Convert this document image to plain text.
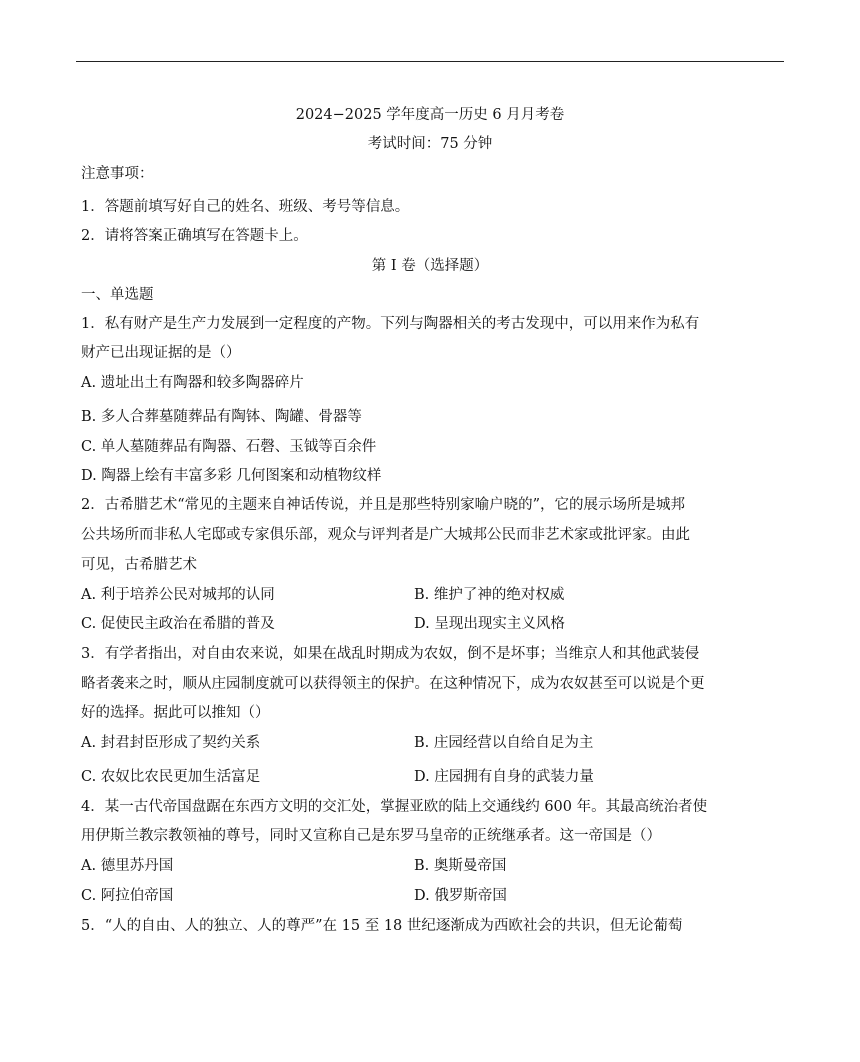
2024−2025 学年度高一历史 6 月月考卷
考试时间：75 分钟
注意事项：
1．答题前填写好自己的姓名、班级、考号等信息。
2．请将答案正确填写在答题卡上。
第 I 卷（选择题）
一、单选题
1．私有财产是生产力发展到一定程度的产物。下列与陶器相关的考古发现中，可以用来作为私有
财产已出现证据的是（）
A. 遗址出土有陶器和较多陶器碎片
B. 多人合葬墓随葬品有陶钵、陶罐、骨器等
C. 单人墓随葬品有陶器、石磬、玉钺等百余件
D. 陶器上绘有丰富多彩 几何图案和动植物纹样
2．古希腊艺术“常见的主题来自神话传说，并且是那些特别家喻户晓的”，它的展示场所是城邦
公共场所而非私人宅邸或专家俱乐部，观众与评判者是广大城邦公民而非艺术家或批评家。由此
可见，古希腊艺术
A. 利于培养公民对城邦的认同	B. 维护了神的绝对权威
C. 促使民主政治在希腊的普及	D. 呈现出现实主义风格
3．有学者指出，对自由农来说，如果在战乱时期成为农奴，倒不是坏事；当维京人和其他武装侵
略者袭来之时，顺从庄园制度就可以获得领主的保护。在这种情况下，成为农奴甚至可以说是个更
好的选择。据此可以推知（）
A. 封君封臣形成了契约关系	B. 庄园经营以自给自足为主
C. 农奴比农民更加生活富足	D. 庄园拥有自身的武装力量
4．某一古代帝国盘踞在东西方文明的交汇处，掌握亚欧的陆上交通线约 600 年。其最高统治者使
用伊斯兰教宗教领袖的尊号，同时又宣称自己是东罗马皇帝的正统继承者。这一帝国是（）
A. 德里苏丹国	B. 奥斯曼帝国
C. 阿拉伯帝国	D. 俄罗斯帝国
5．“人的自由、人的独立、人的尊严”在 15 至 18 世纪逐渐成为西欧社会的共识，但无论葡萄
